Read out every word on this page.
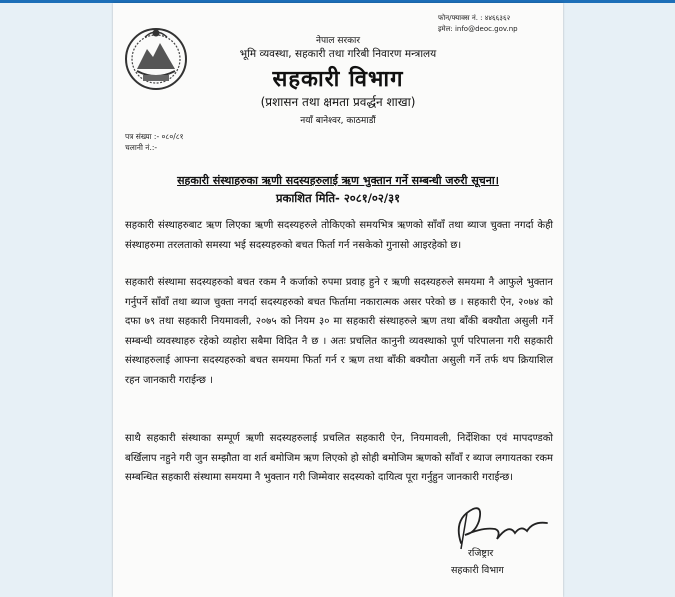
फोन/फ्याक्स नं. : ४४६६३६२
इमेल: info@deoc.gov.np
नेपाल सरकार
भूमि व्यवस्था, सहकारी तथा गरिबी निवारण मन्त्रालय
सहकारी विभाग
(प्रशासन तथा क्षमता प्रवर्द्धन शाखा)
नयाँ बानेश्वर, काठमाडौं
पत्र संख्या :- ०८०/८१
चलानी नं.:-
सहकारी संस्थाहरुका ऋणी सदस्यहरुलाई ऋण भुक्तान गर्ने सम्बन्धी जरुरी सूचना।
प्रकाशित मिति- २०८१/०२/३१

सहकारी संस्थाहरुबाट ऋण लिएका ऋणी सदस्यहरुले तोकिएको समयभित्र ऋणको साँवाँ तथा ब्याज चुक्ता नगर्दा केही संस्थाहरुमा तरलताको समस्या भई सदस्यहरुको बचत फिर्ता गर्न नसकेको गुनासो आइरहेको छ।

सहकारी संस्थामा सदस्यहरुको बचत रकम नै कर्जाको रुपमा प्रवाह हुने र ऋणी सदस्यहरुले समयमा नै आफुले भुक्तान गर्नुपर्ने साँवाँ तथा ब्याज चुक्ता नगर्दा सदस्यहरुको बचत फिर्तामा नकारात्मक असर परेको छ । सहकारी ऐन, २०७४ को दफा ७९ तथा सहकारी नियमावली, २०७५ को नियम ३० मा सहकारी संस्थाहरुले ऋण तथा बाँकी बक्यौता असुली गर्ने सम्बन्धी व्यवस्थाहरु रहेको व्यहोरा सबैमा विदित नै छ । अतः प्रचलित कानुनी व्यवस्थाको पूर्ण परिपालना गरी सहकारी संस्थाहरुलाई आफ्ना सदस्यहरुको बचत समयमा फिर्ता गर्न र ऋण तथा बाँकी बक्यौता असुली गर्ने तर्फ थप क्रियाशिल रहन जानकारी गराईन्छ ।

साथै सहकारी संस्थाका सम्पूर्ण ऋणी सदस्यहरुलाई प्रचलित सहकारी ऐन, नियमावली, निर्देशिका एवं मापदण्डको बर्खिलाप नहुने गरी जुन सम्झौता वा शर्त बमोजिम ऋण लिएको हो सोही बमोजिम ऋणको साँवाँ र ब्याज लगायतका रकम सम्बन्धित सहकारी संस्थामा समयमा नै भुक्तान गरी जिम्मेवार सदस्यको दायित्व पूरा गर्नुहुन जानकारी गराईन्छ।

रजिष्ट्रार
सहकारी विभाग
